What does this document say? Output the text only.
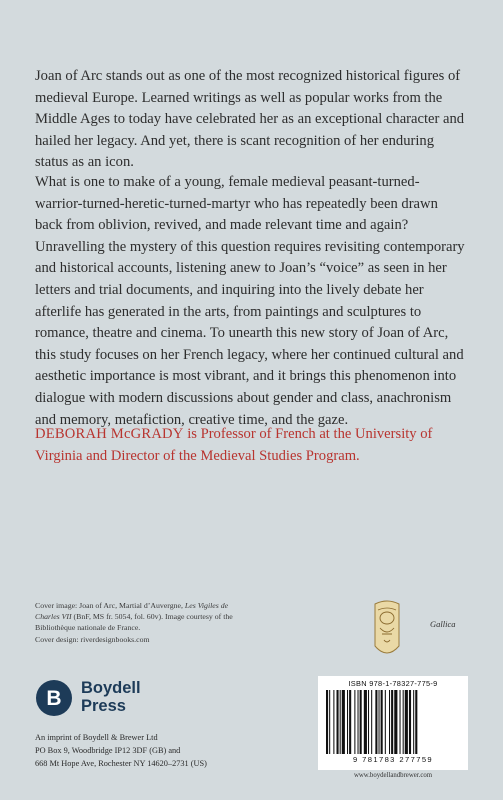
Joan of Arc stands out as one of the most recognized historical figures of medieval Europe. Learned writings as well as popular works from the Middle Ages to today have celebrated her as an exceptional character and hailed her legacy. And yet, there is scant recognition of her enduring status as an icon.

What is one to make of a young, female medieval peasant-turned-warrior-turned-heretic-turned-martyr who has repeatedly been drawn back from oblivion, revived, and made relevant time and again? Unravelling the mystery of this question requires revisiting contemporary and historical accounts, listening anew to Joan’s “voice” as seen in her letters and trial documents, and inquiring into the lively debate her afterlife has generated in the arts, from paintings and sculptures to romance, theatre and cinema. To unearth this new story of Joan of Arc, this study focuses on her French legacy, where her continued cultural and aesthetic importance is most vibrant, and it brings this phenomenon into dialogue with modern discussions about gender and class, anachronism and memory, metafiction, creative time, and the gaze.

DEBORAH McGRADY is Professor of French at the University of Virginia and Director of the Medieval Studies Program.

Cover image: Joan of Arc, Martial d’Auvergne, Les Vigiles de Charles VII (BnF, MS fr. 5054, fol. 60v). Image courtesy of the Bibliothèque nationale de France.

Cover design: riverdesignbooks.com

Gallica
B Boydell
Press
An imprint of Boydell & Brewer Ltd
PO Box 9, Woodbridge IP12 3DF (GB) and
668 Mt Hope Ave, Rochester NY 14620–2731 (US)
ISBN 978-1-78327-775-9
9 781783 277759
www.boydellandbrewer.com
